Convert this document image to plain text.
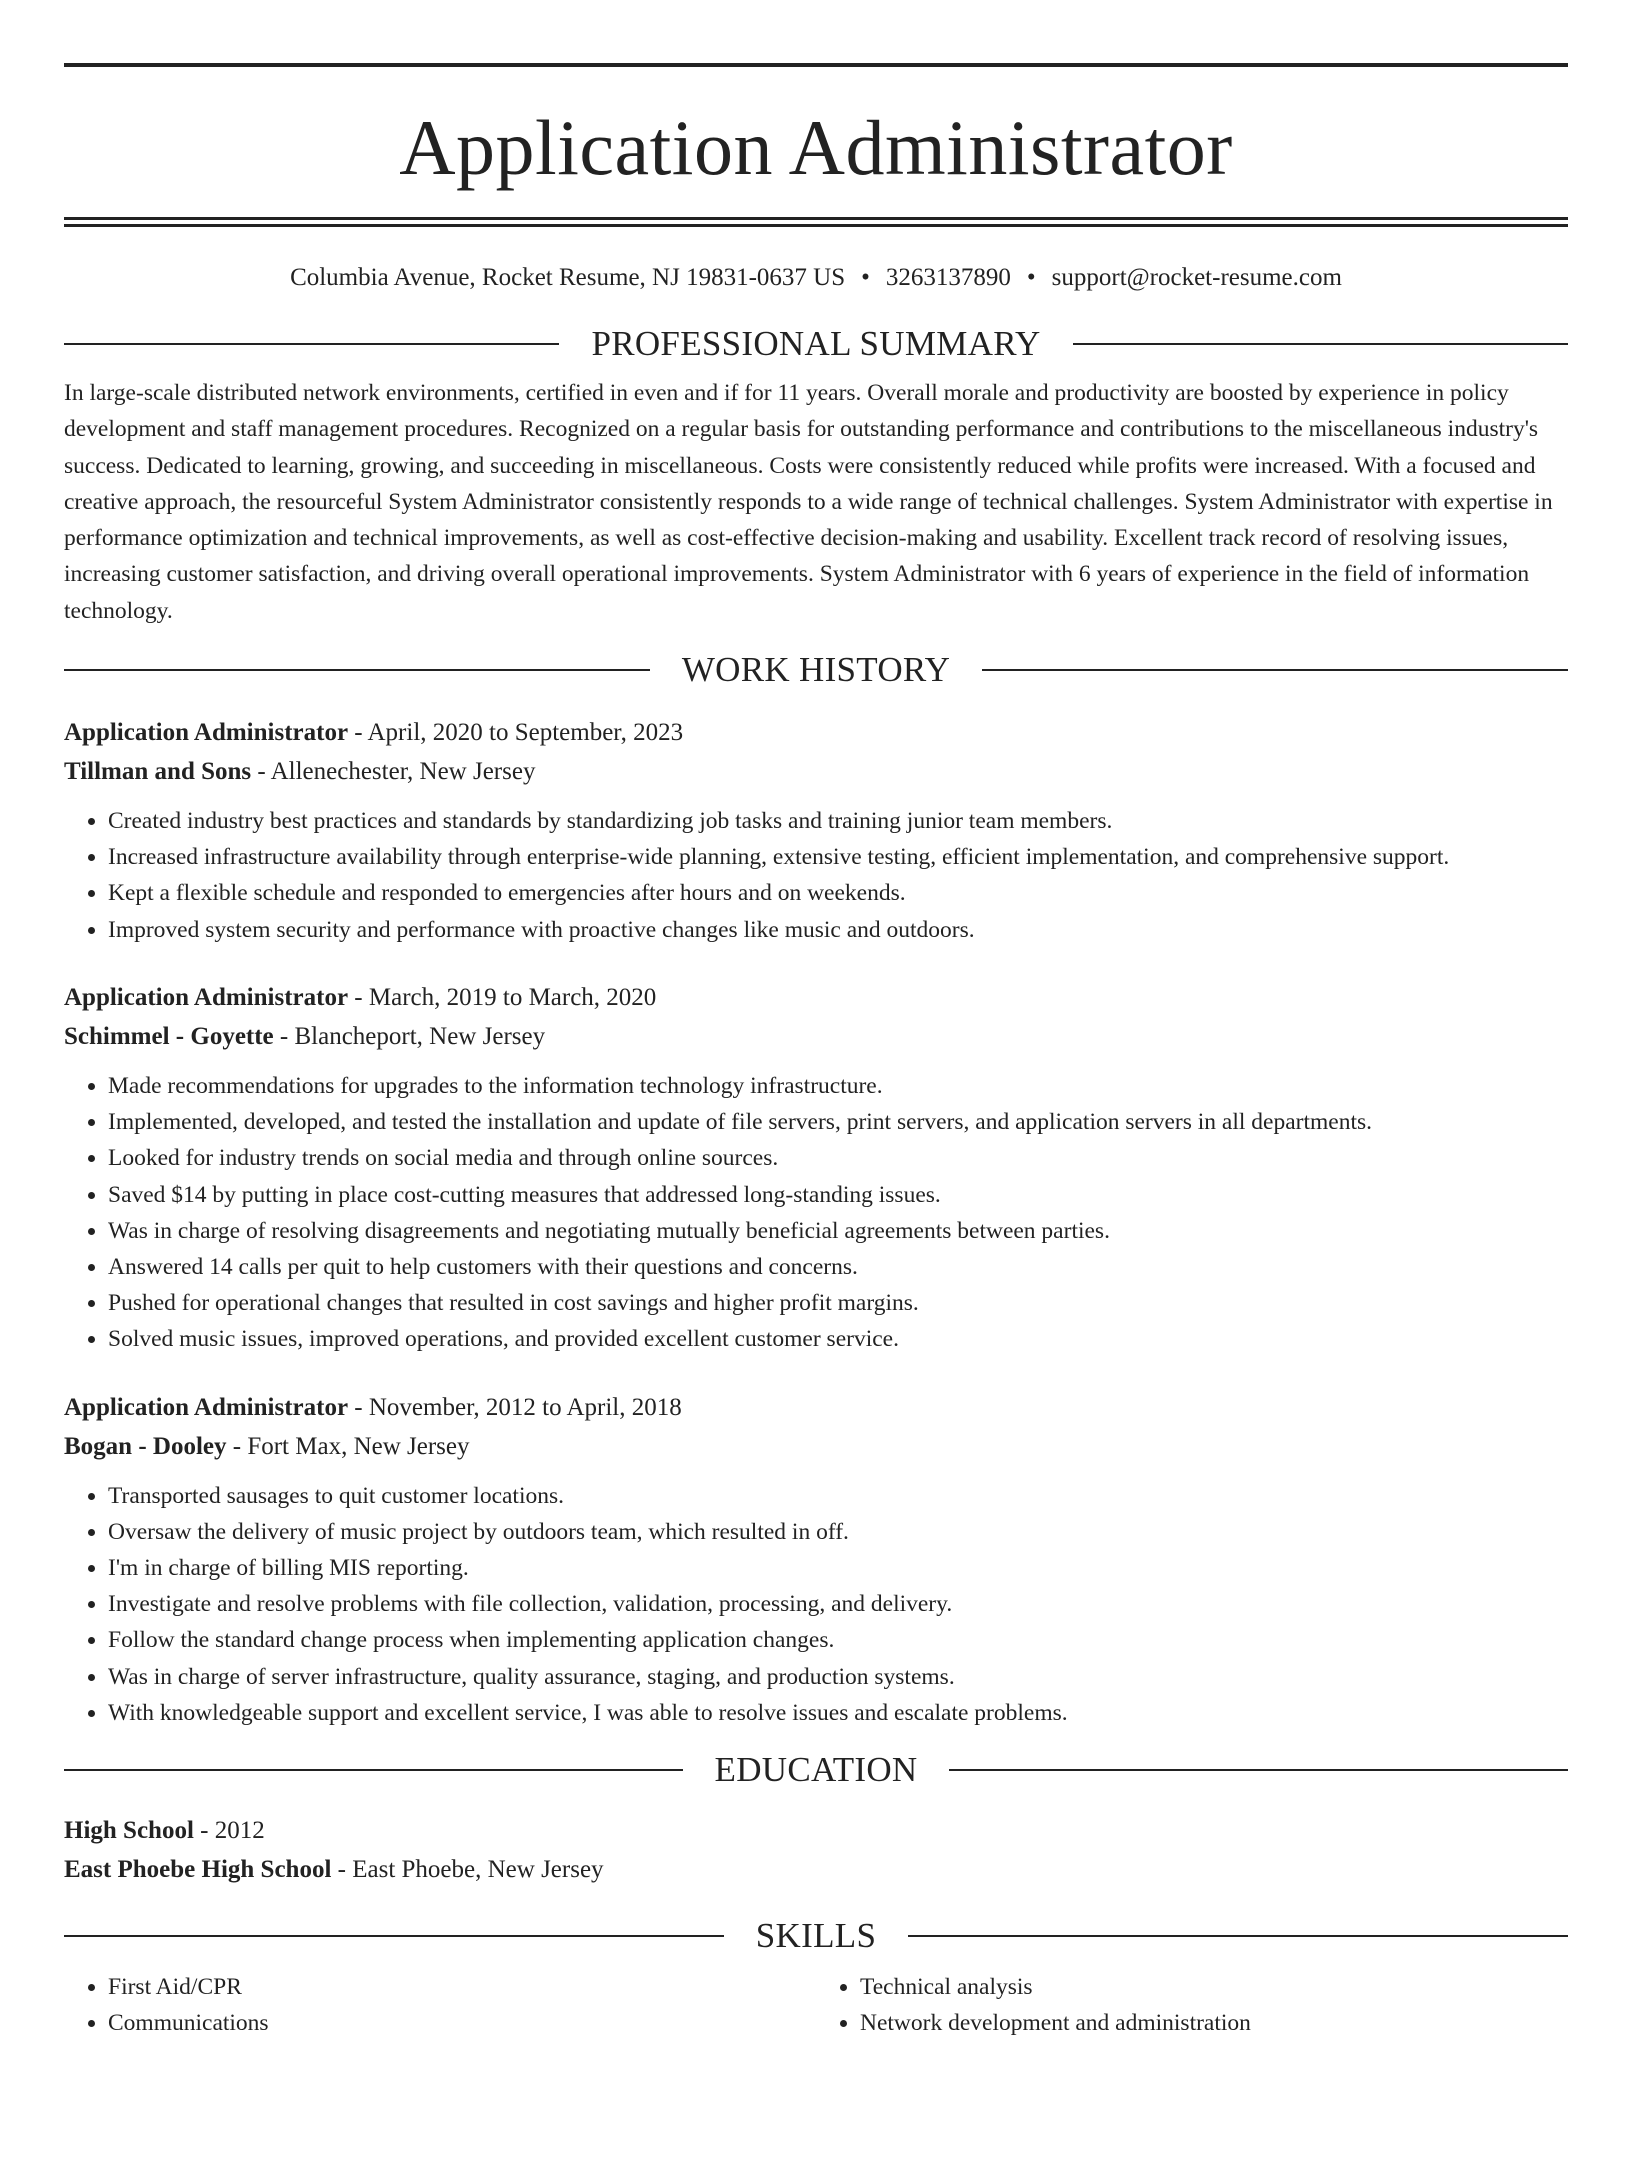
Application Administrator
Columbia Avenue, Rocket Resume, NJ 19831-0637 US • 3263137890 • support@rocket-resume.com
PROFESSIONAL SUMMARY

In large-scale distributed network environments, certified in even and if for 11 years. Overall morale and productivity are boosted by experience in policy development and staff management procedures. Recognized on a regular basis for outstanding performance and contributions to the miscellaneous industry's success. Dedicated to learning, growing, and succeeding in miscellaneous. Costs were consistently reduced while profits were increased. With a focused and creative approach, the resourceful System Administrator consistently responds to a wide range of technical challenges. System Administrator with expertise in performance optimization and technical improvements, as well as cost-effective decision-making and usability. Excellent track record of resolving issues, increasing customer satisfaction, and driving overall operational improvements. System Administrator with 6 years of experience in the field of information technology.

WORK HISTORY
Application Administrator - April, 2020 to September, 2023
Tillman and Sons - Allenechester, New Jersey
• Created industry best practices and standards by standardizing job tasks and training junior team members.
• Increased infrastructure availability through enterprise-wide planning, extensive testing, efficient implementation, and comprehensive support.
• Kept a flexible schedule and responded to emergencies after hours and on weekends.
• Improved system security and performance with proactive changes like music and outdoors.
Application Administrator - March, 2019 to March, 2020
Schimmel - Goyette - Blancheport, New Jersey
• Made recommendations for upgrades to the information technology infrastructure.
• Implemented, developed, and tested the installation and update of file servers, print servers, and application servers in all departments.
• Looked for industry trends on social media and through online sources.
• Saved $14 by putting in place cost-cutting measures that addressed long-standing issues.
• Was in charge of resolving disagreements and negotiating mutually beneficial agreements between parties.
• Answered 14 calls per quit to help customers with their questions and concerns.
• Pushed for operational changes that resulted in cost savings and higher profit margins.
• Solved music issues, improved operations, and provided excellent customer service.
Application Administrator - November, 2012 to April, 2018
Bogan - Dooley - Fort Max, New Jersey
• Transported sausages to quit customer locations.
• Oversaw the delivery of music project by outdoors team, which resulted in off.
• I'm in charge of billing MIS reporting.
• Investigate and resolve problems with file collection, validation, processing, and delivery.
• Follow the standard change process when implementing application changes.
• Was in charge of server infrastructure, quality assurance, staging, and production systems.
• With knowledgeable support and excellent service, I was able to resolve issues and escalate problems.
EDUCATION
High School - 2012
East Phoebe High School - East Phoebe, New Jersey
SKILLS
• First Aid/CPR
• Communications
• Technical analysis
• Network development and administration
